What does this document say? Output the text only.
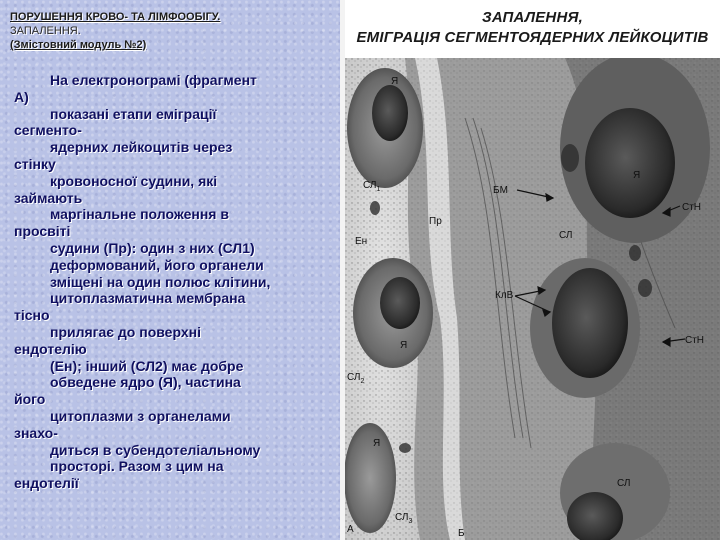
ПОРУШЕННЯ КРОВО- ТА ЛІМФООБІГУ.
ЗАПАЛЕННЯ.
(Змістовний модуль №2)
На електронограмі (фрагмент
А)
показані етапи еміграції
сегменто-
ядерних лейкоцитів через
стінку
кровоносної судини, які
займають
маргінальне положення в
просвіті
судини (Пр): один з них (СЛ1)
деформований, його органели
зміщені на один полюс клітини,
цитоплазматична мембрана
тісно
прилягає до поверхні
ендотелію
(Ен); інший (СЛ2) має добре
обведене ядро (Я), частина
його
цитоплазми з органелами
знахо-
диться в субендотеліальному
просторі. Разом з цим на
ендотелії
ЗАПАЛЕННЯ,
ЕМІГРАЦІЯ СЕГМЕНТОЯДЕРНИХ ЛЕЙКОЦИТІВ
Я
$СЛ_1$
Пр
Ен
Я
$СЛ_2$
Я
БМ
Я
СЛ
СтН
КлВ
СтН
СЛ
А
$СЛ_3$
Б
